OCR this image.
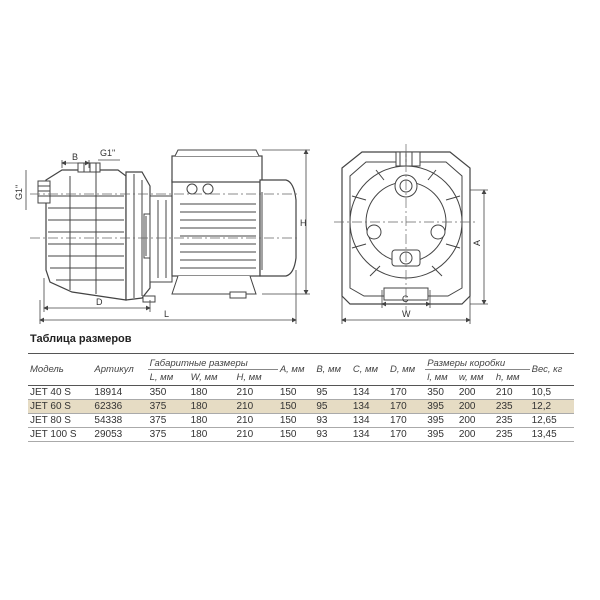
B G1"
G1"
H
D
L
A
C
W
Таблица размеров
Модель	Артикул	Габаритные размеры			A, мм	B, мм	C, мм	D, мм	Размеры коробки			Вес, кг
		L, мм	W, мм	H, мм					l, мм	w, мм	h, мм	
JET 40 S	18914	350	180	210	150	95	134	170	350	200	210	10,5
JET 60 S	62336	375	180	210	150	95	134	170	395	200	235	12,2
JET 80 S	54338	375	180	210	150	93	134	170	395	200	235	12,65
JET 100 S	29053	375	180	210	150	93	134	170	395	200	235	13,45
